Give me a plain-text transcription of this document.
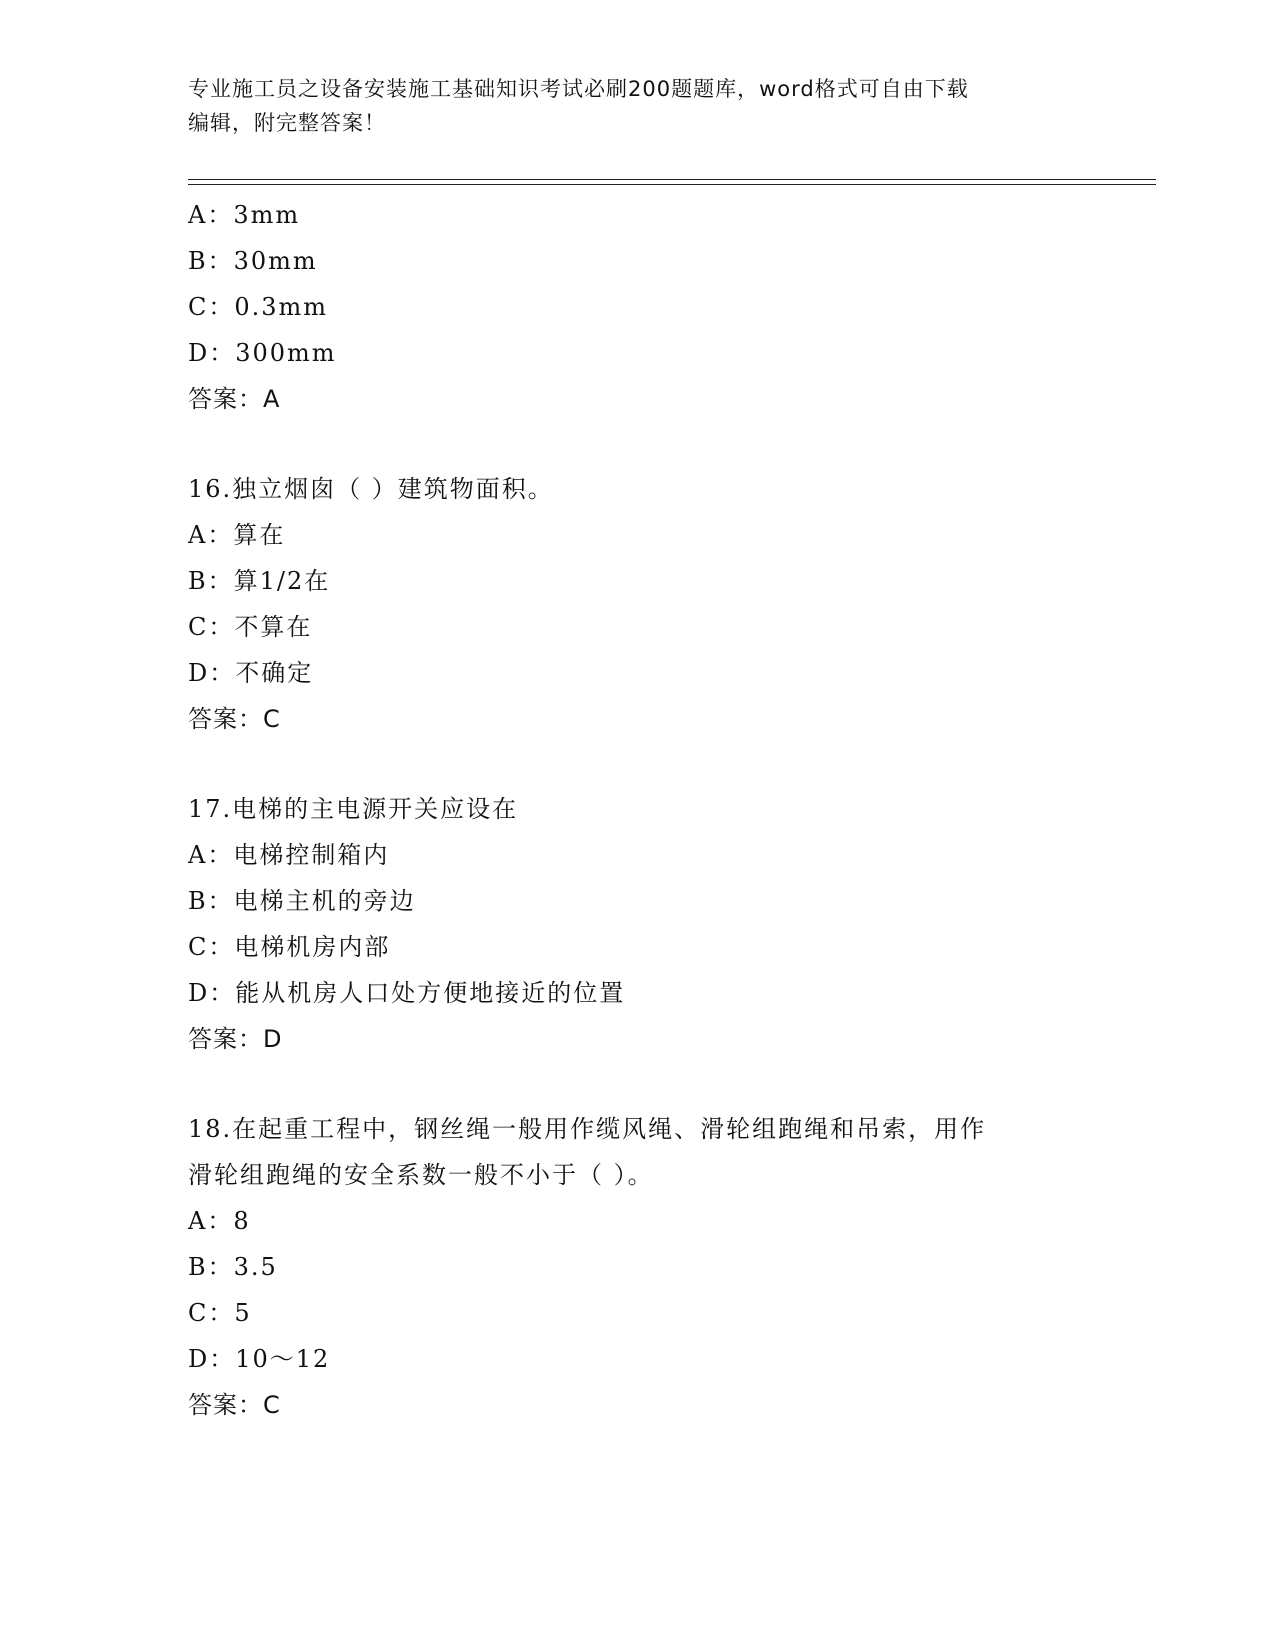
专业施工员之设备安装施工基础知识考试必刷200题题库，word格式可自由下载
编辑，附完整答案！
A：3mm
B：30mm
C：0.3mm
D：300mm
答案：A
16.独立烟囱（ ）建筑物面积。
A：算在
B：算1/2在
C：不算在
D：不确定
答案：C
17.电梯的主电源开关应设在
A：电梯控制箱内
B：电梯主机的旁边
C：电梯机房内部
D：能从机房人口处方便地接近的位置
答案：D
18.在起重工程中，钢丝绳一般用作缆风绳、滑轮组跑绳和吊索，用作
滑轮组跑绳的安全系数一般不小于（ ）。
A：8
B：3.5
C：5
D：10～12
答案：C
